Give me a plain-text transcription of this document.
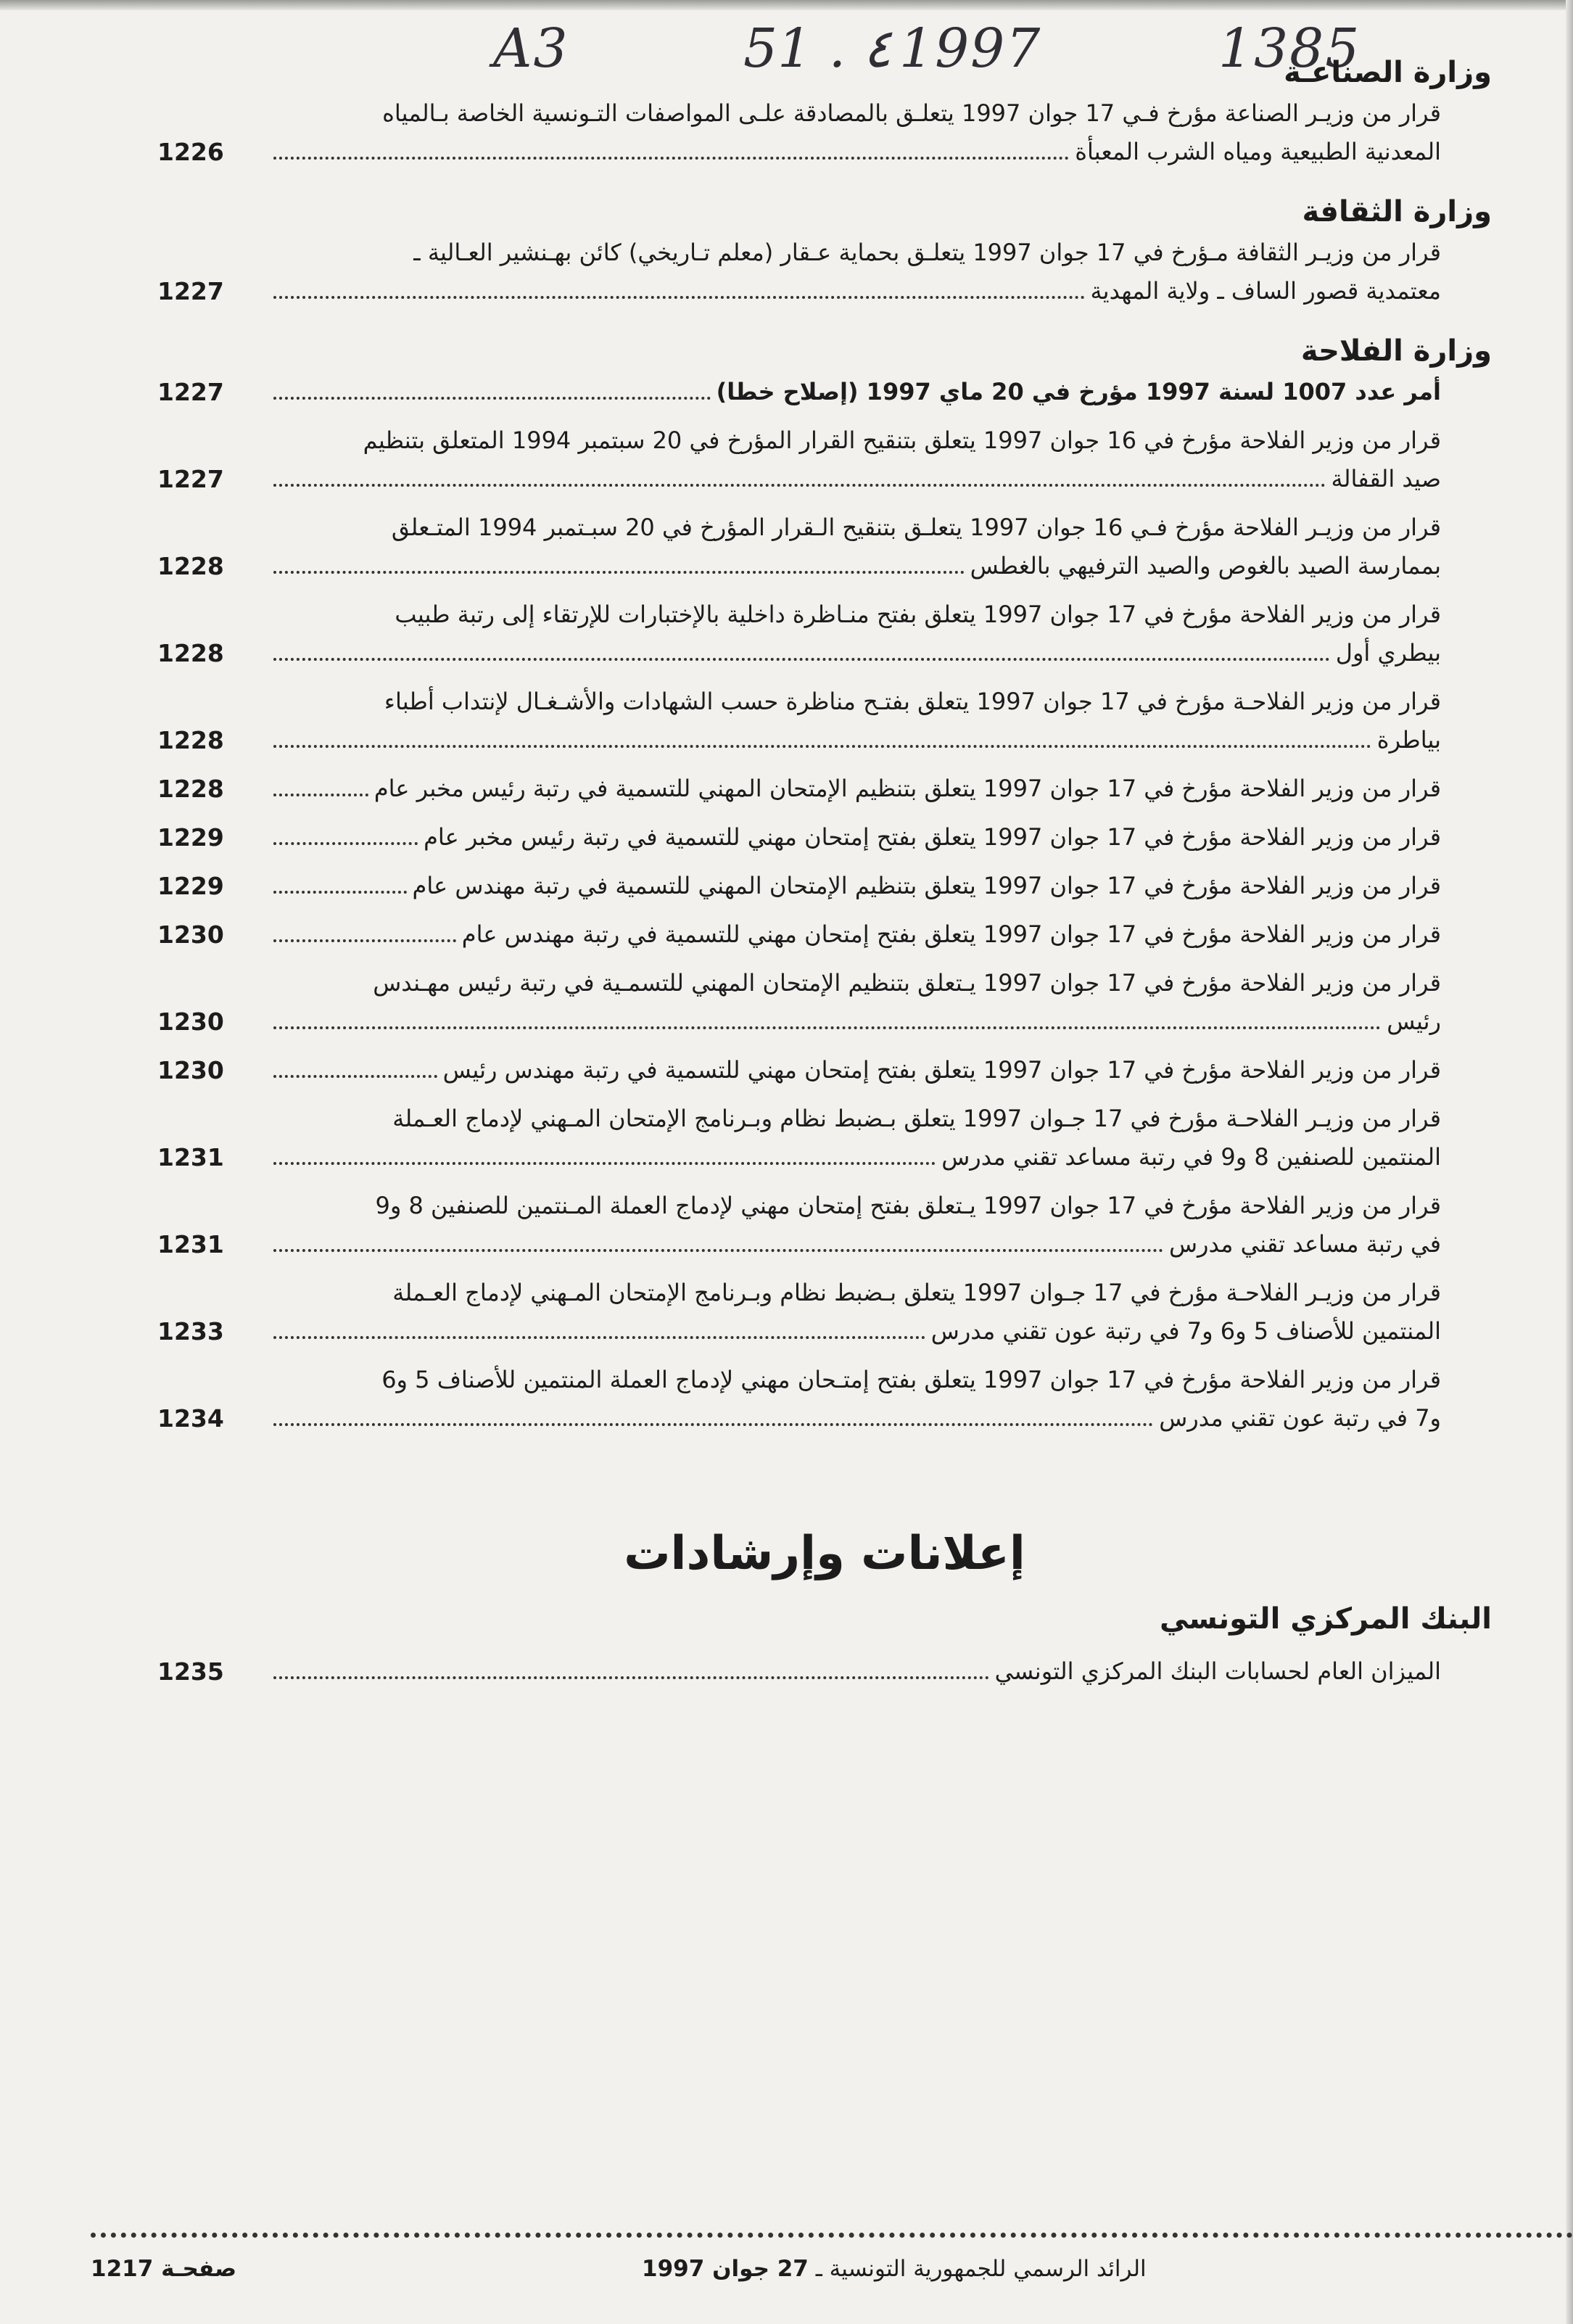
A3	51 . ٤ 1997	1385
وزارة الصناعـة
قرار من وزيـر الصناعة مؤرخ فـي 17 جوان 1997 يتعلـق بالمصادقة علـى المواصفات التـونسية الخاصة بـالمياه
المعدنية الطبيعية ومياه الشرب المعبأة
1226
وزارة الثقافة
قرار من وزيـر الثقافة مـؤرخ في 17 جوان 1997 يتعلـق بحماية عـقار (معلم تـاريخي) كائن بهـنشير العـالية ـ
معتمدية قصور الساف ـ ولاية المهدية
1227
وزارة الفلاحة
أمر عدد 1007 لسنة 1997 مؤرخ في 20 ماي 1997 (إصلاح خطا)
1227
قرار من وزير الفلاحة مؤرخ في 16 جوان 1997 يتعلق بتنقيح القرار المؤرخ في 20 سبتمبر 1994 المتعلق بتنظيم
صيد القفالة
1227
قرار من وزيـر الفلاحة مؤرخ فـي 16 جوان 1997 يتعلـق بتنقيح الـقرار المؤرخ في 20 سبـتمبر 1994 المتـعلق
بممارسة الصيد بالغوص والصيد الترفيهي بالغطس
1228
قرار من وزير الفلاحة مؤرخ في 17 جوان 1997 يتعلق بفتح منـاظرة داخلية بالإختبارات للإرتقاء إلى رتبة طبيب
بيطري أول
1228
قرار من وزير الفلاحـة مؤرخ في 17 جوان 1997 يتعلق بفتـح مناظرة حسب الشهادات والأشـغـال لإنتداب أطباء
بياطرة
1228
قرار من وزير الفلاحة مؤرخ في 17 جوان 1997 يتعلق بتنظيم الإمتحان المهني للتسمية في رتبة رئيس مخبر عام
1228
قرار من وزير الفلاحة مؤرخ في 17 جوان 1997 يتعلق بفتح إمتحان مهني للتسمية في رتبة رئيس مخبر عام
1229
قرار من وزير الفلاحة مؤرخ في 17 جوان 1997 يتعلق بتنظيم الإمتحان المهني للتسمية في رتبة مهندس عام
1229
قرار من وزير الفلاحة مؤرخ في 17 جوان 1997 يتعلق بفتح إمتحان مهني للتسمية في رتبة مهندس عام
1230
قرار من وزير الفلاحة مؤرخ في 17 جوان 1997 يـتعلق بتنظيم الإمتحان المهني للتسمـية في رتبة رئيس مهـندس
رئيس
1230
قرار من وزير الفلاحة مؤرخ في 17 جوان 1997 يتعلق بفتح إمتحان مهني للتسمية في رتبة مهندس رئيس
1230
قرار من وزيـر الفلاحـة مؤرخ في 17 جـوان 1997 يتعلق بـضبط نظام وبـرنامج الإمتحان المـهني لإدماج العـملة
المنتمين للصنفين 8 و9 في رتبة مساعد تقني مدرس
1231
قرار من وزير الفلاحة مؤرخ في 17 جوان 1997 يـتعلق بفتح إمتحان مهني لإدماج العملة المـنتمين للصنفين 8 و9
في رتبة مساعد تقني مدرس
1231
قرار من وزيـر الفلاحـة مؤرخ في 17 جـوان 1997 يتعلق بـضبط نظام وبـرنامج الإمتحان المـهني لإدماج العـملة
المنتمين للأصناف 5 و6 و7 في رتبة عون تقني مدرس
1233
قرار من وزير الفلاحة مؤرخ في 17 جوان 1997 يتعلق بفتح إمتـحان مهني لإدماج العملة المنتمين للأصناف 5 و6
و7 في رتبة عون تقني مدرس
1234
إعلانات وإرشادات
البنك المركزي التونسي
الميزان العام لحسابات البنك المركزي التونسي
1235
الرائد الرسمي للجمهورية التونسية ـ 27 جوان 1997
صفحـة 1217
